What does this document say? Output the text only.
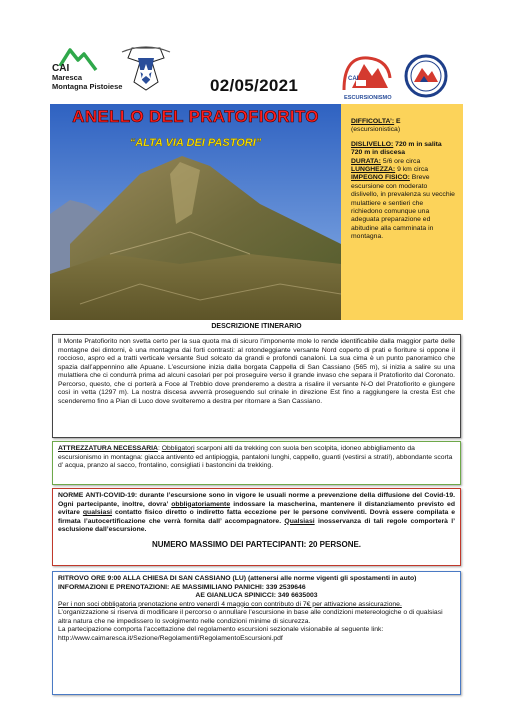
CAI
Maresca
Montagna Pistoiese	02/05/2021	CAI
ESCURSIONISMO
ANELLO DEL PRATOFIORITO
“ALTA VIA DEI PASTORI”

DIFFICOLTA’: E
(escursionistica)

DISLIVELLO: 720 m in salita
720 m in discesa
DURATA: 5/6 ore circa
LUNGHEZZA: 9 km circa
IMPEGNO FISICO: Breve escursione con moderato dislivello, in prevalenza su vecchie mulattiere e sentieri che richiedono comunque una adeguata preparazione ed abitudine alla camminata in montagna.

DESCRIZIONE ITINERARIO
Il Monte Pratofiorito non svetta certo per la sua quota ma di sicuro l’imponente mole lo rende identificabile dalla maggior parte delle montagne dei dintorni, è una montagna dai forti contrasti: al rotondeggiante versante Nord coperto di prati e fioriture si oppone il roccioso, aspro ed a tratti verticale versante Sud solcato da grandi e profondi canaloni. La sua cima è un punto panoramico che spazia dall’appennino alle Apuane. L’escursione inizia dalla borgata Cappella di San Cassiano (565 m), si inizia a salire su una mulattiera che ci condurrà prima ad alcuni casolari per poi proseguire verso il grande invaso che separa il Pratofiorito dal Coronato. Percorso, questo, che ci porterà a Foce al Trebbio dove prenderemo a destra a risalire il versante N-O del Pratofiorito e giungere così in vetta (1297 m). La nostra discesa avverrà proseguendo sul crinale in direzione Est fino a raggiungere la cresta Est che scenderemo fino a Pian di Luco dove svolteremo a destra per ritornare a San Cassiano.
ATTREZZATURA NECESSARIA: Obbligatori scarponi alti da trekking con suola ben scolpita, idoneo abbigliamento da escursionismo in montagna: giacca antivento ed antipioggia, pantaloni lunghi, cappello, guanti (vestirsi a strati!), abbondante scorta d’ acqua, pranzo al sacco, frontalino, consigliati i bastoncini da trekking.
NORME ANTI-COVID-19: durante l’escursione sono in vigore le usuali norme a prevenzione della diffusione del Covid-19. Ogni partecipante, inoltre, dovra’ obbligatoriamente indossare la mascherina, mantenere il distanziamento previsto ed evitare qualsiasi contatto fisico diretto o indiretto fatta eccezione per le persone conviventi. Dovrà essere compilata e firmata l’autocertificazione che verrà fornita dall’ accompagnatore. Qualsiasi inosservanza di tali regole comporterà l’ esclusione dall’escursione.
NUMERO MASSIMO DEI PARTECIPANTI: 20 PERSONE.
RITROVO ORE 9:00 ALLA CHIESA DI SAN CASSIANO (LU) (attenersi alle norme vigenti gli spostamenti in auto)
INFORMAZIONI E PRENOTAZIONI: AE MASSIMILIANO PANICHI: 339 2539646

AE GIANLUCA SPINICCI: 349 6635003
Per i non soci obbligatoria prenotazione entro venerdì 4 maggio con contributo di 7€ per attivazione assicurazione.
L’organizzazione si riserva di modificare il percorso o annullare l’escursione in base alle condizioni metereologiche o di qualsiasi altra natura che ne impedissero lo svolgimento nelle condizioni minime di sicurezza.
La partecipazione comporta l’accettazione del regolamento escursioni sezionale visionabile al seguente link:
http://www.caimaresca.it/Sezione/Regolamenti/RegolamentoEscursioni.pdf
